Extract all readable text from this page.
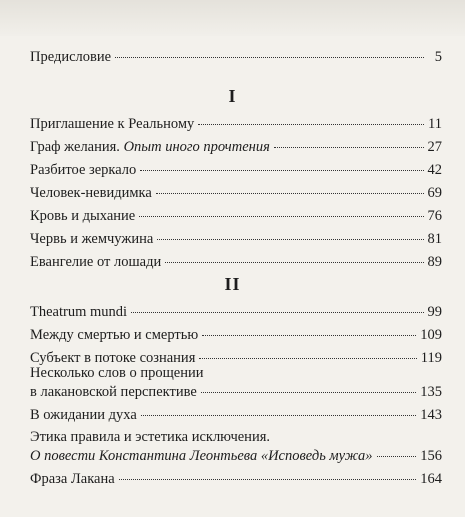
Предисловие	5
I
Приглашение к Реальному	11
Граф желания. Опыт иного прочтения	27
Разбитое зеркало	42
Человек-невидимка	69
Кровь и дыхание	76
Червь и жемчужина	81
Евангелие от лошади	89
II
Theatrum mundi	99
Между смертью и смертью	109
Субъект в потоке сознания	119
Несколько слов о прощении
в лакановской перспективе	135
В ожидании духа	143
Этика правила и эстетика исключения.
О повести Константина Леонтьева «Исповедь мужа»	156
Фраза Лакана	164
